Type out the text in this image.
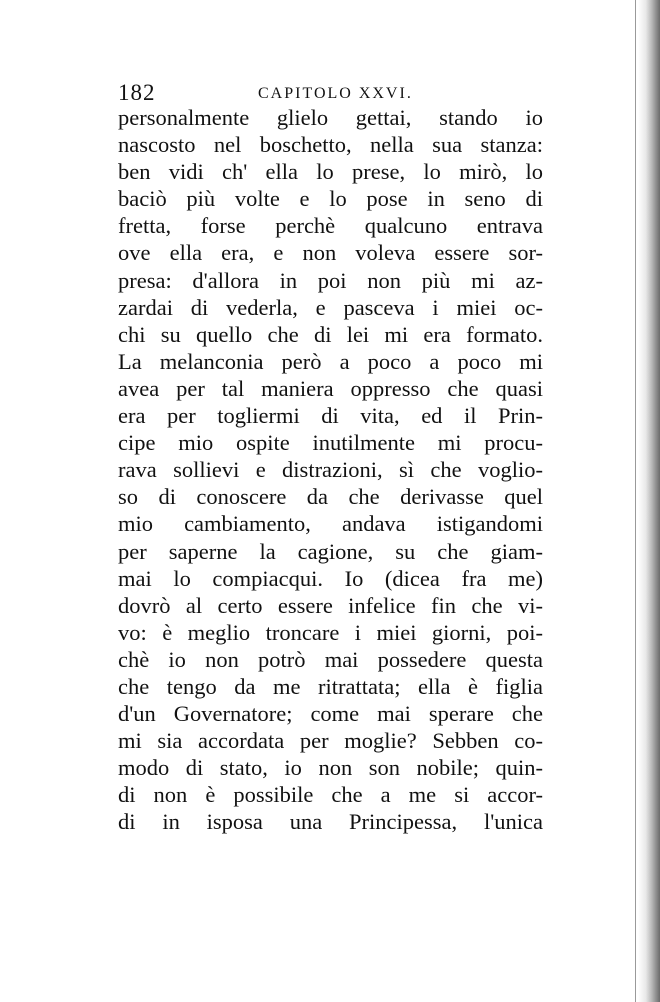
182	CAPITOLO XXVI.
personalmente glielo gettai, stando io
nascosto nel boschetto, nella sua stanza:
ben vidi ch' ella lo prese, lo mirò, lo
baciò più volte e lo pose in seno di
fretta, forse perchè qualcuno entrava
ove ella era, e non voleva essere sor-
presa: d'allora in poi non più mi az-
zardai di vederla, e pasceva i miei oc-
chi su quello che di lei mi era formato.
La melanconia però a poco a poco mi
avea per tal maniera oppresso che quasi
era per togliermi di vita, ed il Prin-
cipe mio ospite inutilmente mi procu-
rava sollievi e distrazioni, sì che voglio-
so di conoscere da che derivasse quel
mio cambiamento, andava istigandomi
per saperne la cagione, su che giam-
mai lo compiacqui. Io (dicea fra me)
dovrò al certo essere infelice fin che vi-
vo: è meglio troncare i miei giorni, poi-
chè io non potrò mai possedere questa
che tengo da me ritrattata; ella è figlia
d'un Governatore; come mai sperare che
mi sia accordata per moglie? Sebben co-
modo di stato, io non son nobile; quin-
di non è possibile che a me si accor-
di in isposa una Principessa, l'unica
